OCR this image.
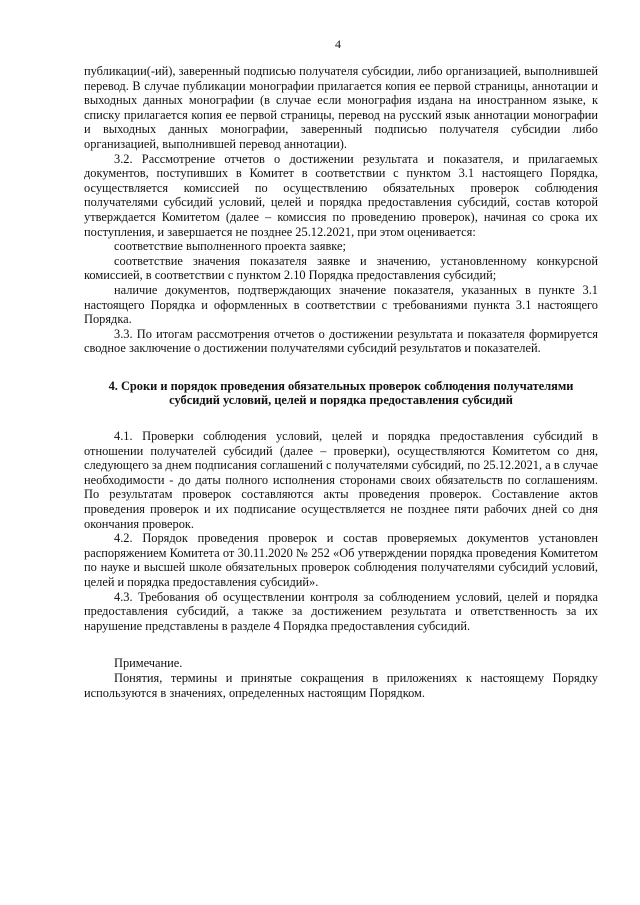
4

публикации(-ий), заверенный подписью получателя субсидии, либо организацией, выполнившей перевод. В случае публикации монографии прилагается копия ее первой страницы, аннотации и выходных данных монографии (в случае если монография издана на иностранном языке, к списку прилагается копия ее первой страницы, перевод на русский язык аннотации монографии и выходных данных монографии, заверенный подписью получателя субсидии либо организацией, выполнившей перевод аннотации).

3.2. Рассмотрение отчетов о достижении результата и показателя, и прилагаемых документов, поступивших в Комитет в соответствии с пунктом 3.1 настоящего Порядка, осуществляется комиссией по осуществлению обязательных проверок соблюдения получателями субсидий условий, целей и порядка предоставления субсидий, состав которой утверждается Комитетом (далее – комиссия по проведению проверок), начиная со срока их поступления, и завершается не позднее 25.12.2021, при этом оценивается:

соответствие выполненного проекта заявке;

соответствие значения показателя заявке и значению, установленному конкурсной комиссией, в соответствии с пунктом 2.10 Порядка предоставления субсидий;

наличие документов, подтверждающих значение показателя, указанных в пункте 3.1 настоящего Порядка и оформленных в соответствии с требованиями пункта 3.1 настоящего Порядка.

3.3. По итогам рассмотрения отчетов о достижении результата и показателя формируется сводное заключение о достижении получателями субсидий результатов и показателей.

4. Сроки и порядок проведения обязательных проверок соблюдения получателями субсидий условий, целей и порядка предоставления субсидий

4.1. Проверки соблюдения условий, целей и порядка предоставления субсидий в отношении получателей субсидий (далее – проверки), осуществляются Комитетом со дня, следующего за днем подписания соглашений с получателями субсидий, по 25.12.2021, а в случае необходимости - до даты полного исполнения сторонами своих обязательств по соглашениям. По результатам проверок составляются акты проведения проверок. Составление актов проведения проверок и их подписание осуществляется не позднее пяти рабочих дней со дня окончания проверок.

4.2. Порядок проведения проверок и состав проверяемых документов установлен распоряжением Комитета от 30.11.2020 № 252 «Об утверждении порядка проведения Комитетом по науке и высшей школе обязательных проверок соблюдения получателями субсидий условий, целей и порядка предоставления субсидий».

4.3. Требования об осуществлении контроля за соблюдением условий, целей и порядка предоставления субсидий, а также за достижением результата и ответственность за их нарушение представлены в разделе 4 Порядка предоставления субсидий.

Примечание.

Понятия, термины и принятые сокращения в приложениях к настоящему Порядку используются в значениях, определенных настоящим Порядком.
